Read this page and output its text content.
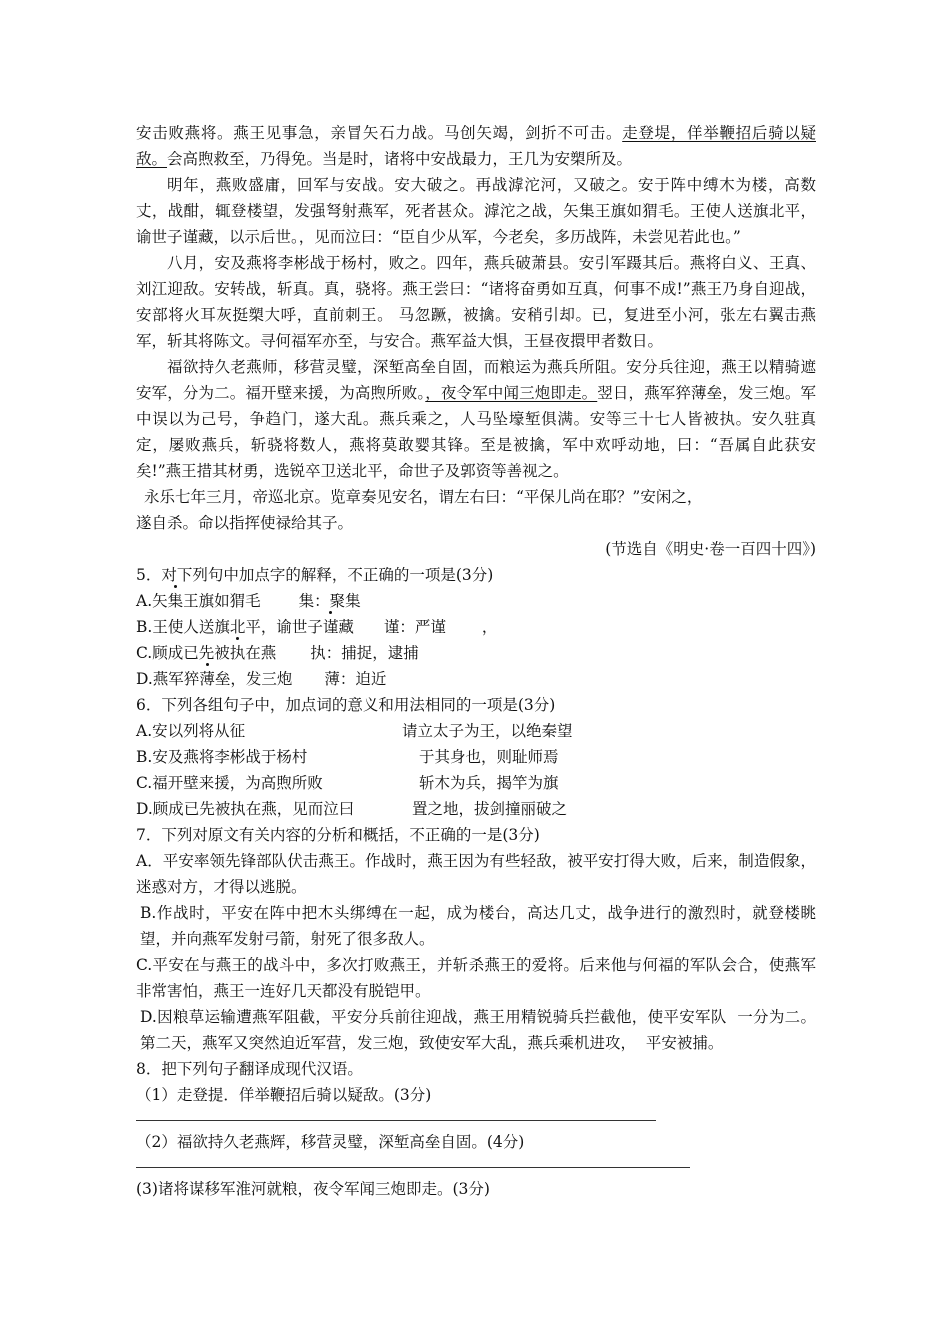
安击败燕将。燕王见事急，亲冒矢石力战。马创矢竭，剑折不可击。走登堤，佯举鞭招后骑以疑敌。会高煦救至，乃得免。当是时，诸将中安战最力，王几为安槊所及。

明年，燕败盛庸，回军与安战。安大破之。再战滹沱河，又破之。安于阵中缚木为楼，高数丈，战酣，辄登楼望，发强弩射燕军，死者甚众。滹沱之战，矢集王旗如猬毛。王使人送旗北平，谕世子谨藏，以示后世。，见而泣曰：“臣自少从军，今老矣，多历战阵，未尝见若此也。”

八月，安及燕将李彬战于杨村，败之。四年，燕兵破萧县。安引军蹑其后。燕将白义、王真、刘江迎敌。安转战，斩真。真，骁将。燕王尝曰：“诸将奋勇如互真，何事不成!”燕王乃身自迎战，安部将火耳灰挺槊大呼，直前刺王。 马忽蹶，被擒。安稍引却。已，复进至小河，张左右翼击燕军，斩其将陈文。寻何福军亦至，与安合。燕军益大惧，王昼夜擐甲者数日。

福欲持久老燕师，移营灵璧，深堑高垒自固，而粮运为燕兵所阻。安分兵往迎，燕王以精骑遮安军，分为二。福开壁来援，为高煦所败。，夜令军中闻三炮即走。翌日，燕军猝薄垒，发三炮。军中误以为己号，争趋门，遂大乱。燕兵乘之，人马坠壕堑俱满。安等三十七人皆被执。安久驻真定，屡败燕兵，斩骁将数人，燕将莫敢婴其锋。至是被擒，军中欢呼动地，曰：“吾属自此获安矣!”燕王措其材勇，选锐卒卫送北平，命世子及郭资等善视之。

永乐七年三月，帝巡北京。览章奏见安名，谓左右曰：“平保儿尚在耶？”安闲之，

遂自杀。命以指挥使禄给其子。

(节选自《明史·卷一百四十四》)

5．对下列句中加点字的解释，不正确的一项是(3分)

A.矢集王旗如猬毛 集：聚集

B.王使人送旗北平，谕世子谨藏 谨：严谨 ，

C.顾成已先被执在燕 执：捕捉，逮捕

D.燕军猝薄垒，发三炮 薄：迫近

6．下列各组句子中，加点词的意义和用法相同的一项是(3分)

A.安以列将从征	请立太子为王，以绝秦望

B.安及燕将李彬战于杨村	于其身也，则耻师焉

C.福开壁来援，为高煦所败	斩木为兵，揭竿为旗

D.顾成已先被执在燕，见而泣曰	置之地，拔剑撞丽破之

7．下列对原文有关内容的分析和概括，不正确的一是(3分)

A．平安率领先锋部队伏击燕王。作战时，燕王因为有些轻敌，被平安打得大败，后来，制造假象，迷惑对方，才得以逃脱。

B.作战时，平安在阵中把木头绑缚在一起，成为楼台，高达几丈，战争进行的激烈时，就登楼眺望，并向燕军发射弓箭，射死了很多敌人。

C.平安在与燕王的战斗中，多次打败燕王，并斩杀燕王的爱将。后来他与何福的军队会合，使燕军非常害怕，燕王一连好几天都没有脱铠甲。

D.因粮草运输遭燕军阻截，平安分兵前往迎战，燕王用精锐骑兵拦截他，使平安军队  一分为二。第二天，燕军又突然迫近军营，发三炮，致使安军大乱，燕兵乘机进攻，  平安被捕。

8．把下列句子翻译成现代汉语。

（1）走登提．佯举鞭招后骑以疑敌。(3分)

（2）福欲持久老燕辉，移营灵璧，深堑高垒自固。(4分)

(3)诸将谋移军淮河就粮，夜令军闻三炮即走。(3分)
